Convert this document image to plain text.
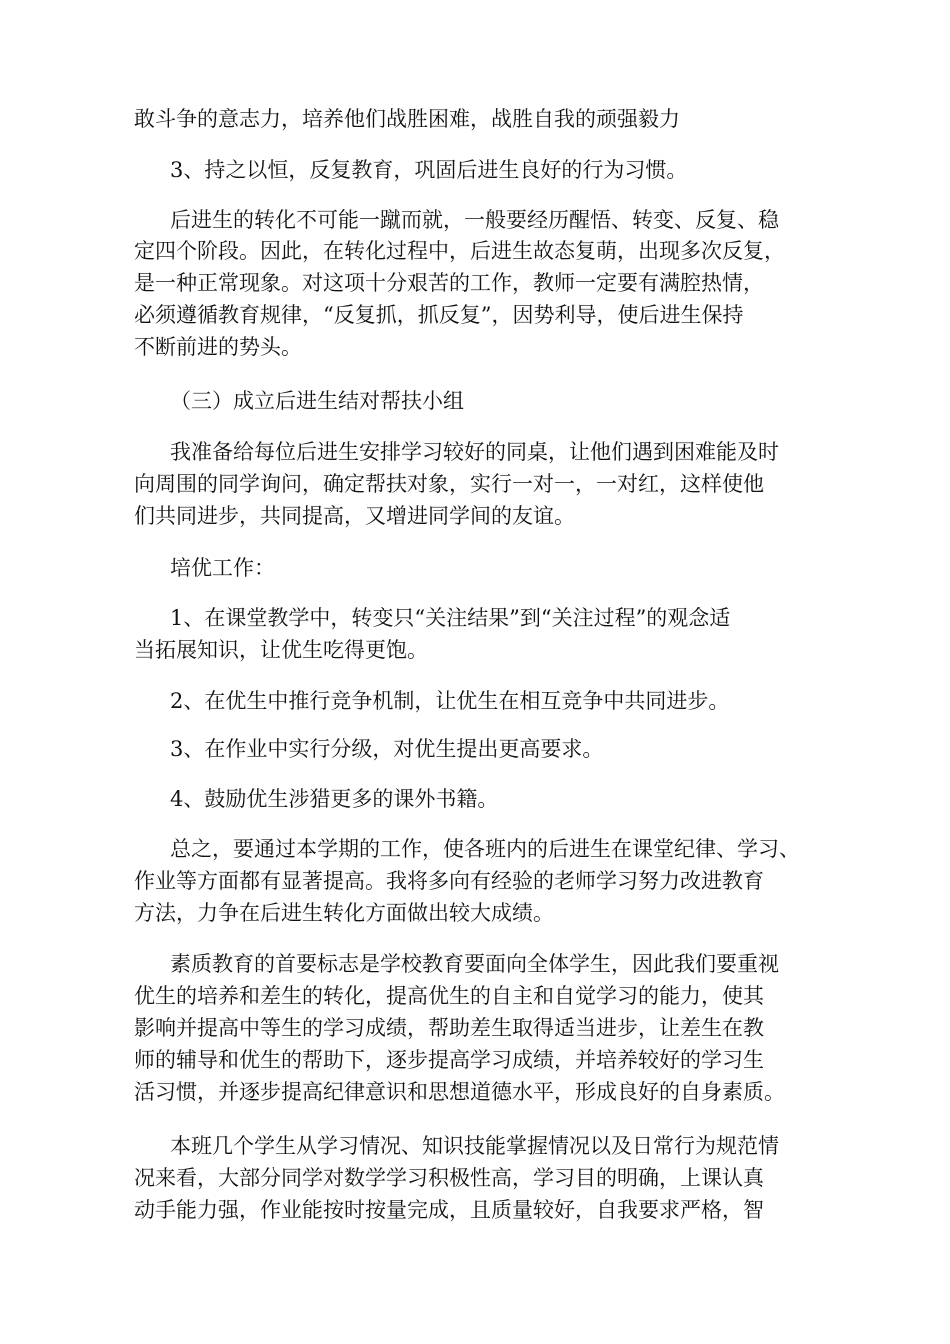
敢斗争的意志力，培养他们战胜困难，战胜自我的顽强毅力
3、持之以恒，反复教育，巩固后进生良好的行为习惯。
后进生的转化不可能一蹴而就，一般要经历醒悟、转变、反复、稳
定四个阶段。因此，在转化过程中，后进生故态复萌，出现多次反复，
是一种正常现象。对这项十分艰苦的工作，教师一定要有满腔热情，
必须遵循教育规律，“反复抓，抓反复”，因势利导，使后进生保持
不断前进的势头。
（三）成立后进生结对帮扶小组
我准备给每位后进生安排学习较好的同桌，让他们遇到困难能及时
向周围的同学询问，确定帮扶对象，实行一对一，一对红，这样使他
们共同进步，共同提高，又增进同学间的友谊。
培优工作：
1、在课堂教学中，转变只“关注结果”到“关注过程”的观念适
当拓展知识，让优生吃得更饱。
2、在优生中推行竞争机制，让优生在相互竞争中共同进步。
3、在作业中实行分级，对优生提出更高要求。
4、鼓励优生涉猎更多的课外书籍。
总之，要通过本学期的工作，使各班内的后进生在课堂纪律、学习、
作业等方面都有显著提高。我将多向有经验的老师学习努力改进教育
方法，力争在后进生转化方面做出较大成绩。
素质教育的首要标志是学校教育要面向全体学生，因此我们要重视
优生的培养和差生的转化，提高优生的自主和自觉学习的能力，使其
影响并提高中等生的学习成绩，帮助差生取得适当进步，让差生在教
师的辅导和优生的帮助下，逐步提高学习成绩，并培养较好的学习生
活习惯，并逐步提高纪律意识和思想道德水平，形成良好的自身素质。
本班几个学生从学习情况、知识技能掌握情况以及日常行为规范情
况来看，大部分同学对数学学习积极性高，学习目的明确，上课认真
动手能力强，作业能按时按量完成，且质量较好，自我要求严格，智
